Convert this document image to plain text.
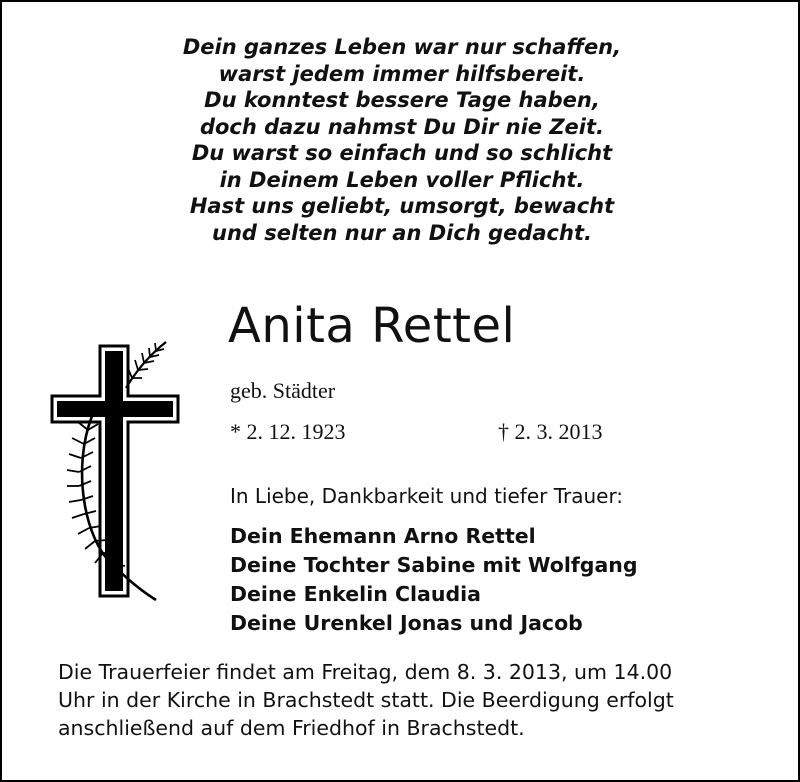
Dein ganzes Leben war nur schaffen,
warst jedem immer hilfsbereit.
Du konntest bessere Tage haben,
doch dazu nahmst Du Dir nie Zeit.
Du warst so einfach und so schlicht
in Deinem Leben voller Pflicht.
Hast uns geliebt, umsorgt, bewacht
und selten nur an Dich gedacht.
Anita Rettel
geb. Städter
* 2. 12. 1923	† 2. 3. 2013
In Liebe, Dankbarkeit und tiefer Trauer:
Dein Ehemann Arno Rettel
Deine Tochter Sabine mit Wolfgang
Deine Enkelin Claudia
Deine Urenkel Jonas und Jacob
Die Trauerfeier findet am Freitag, dem 8. 3. 2013, um 14.00
Uhr in der Kirche in Brachstedt statt. Die Beerdigung erfolgt
anschließend auf dem Friedhof in Brachstedt.
